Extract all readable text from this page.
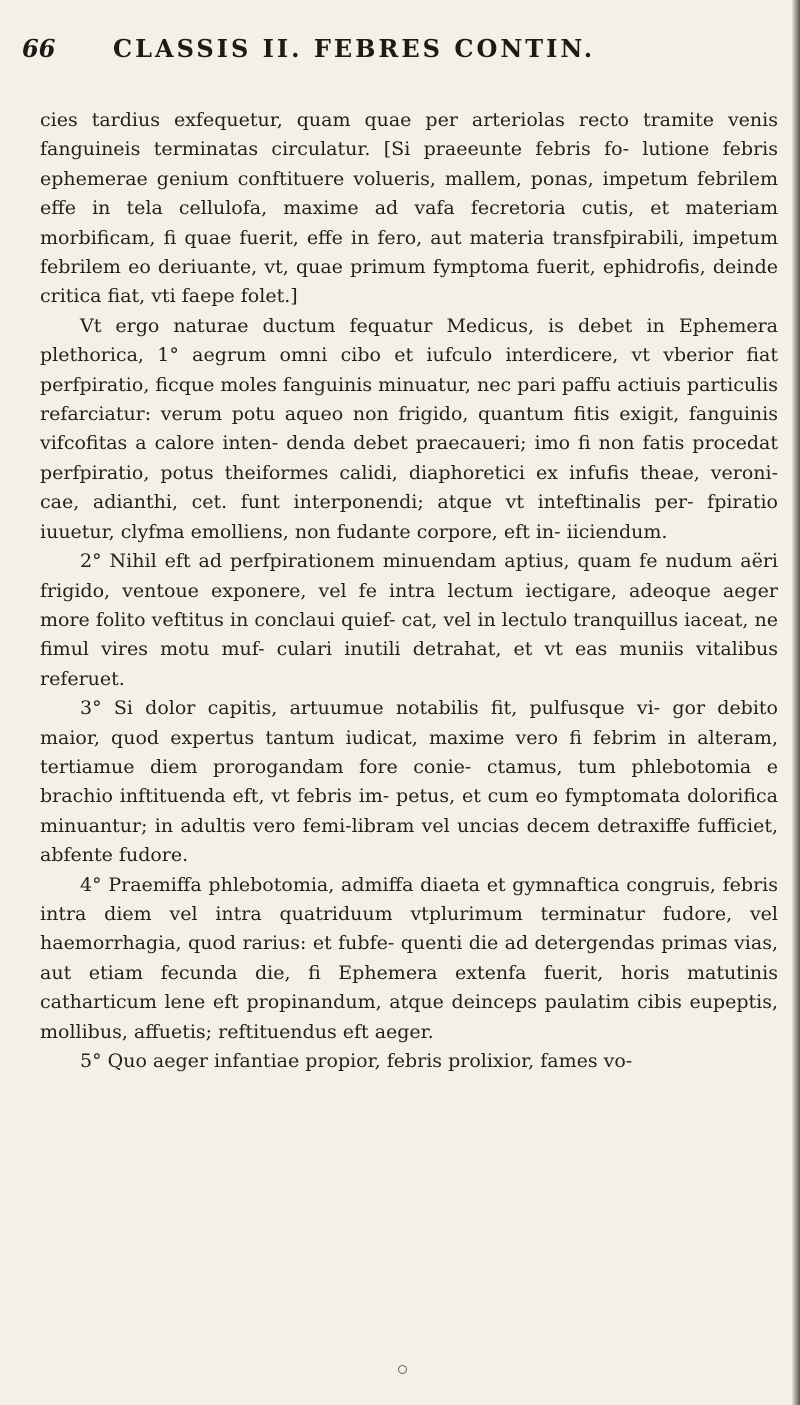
66 CLASSIS II. FEBRES CONTIN.

cies tardius exfequetur, quam quae per arteriolas recto tramite venis fanguineis terminatas circulatur. [Si praeeunte febris fo- lutione febris ephemerae genium conftituere volueris, mallem, ponas, impetum febrilem effe in tela cellulofa, maxime ad vafa fecretoria cutis, et materiam morbificam, fi quae fuerit, effe in fero, aut materia transfpirabili, impetum febrilem eo deriuante, vt, quae primum fymptoma fuerit, ephidrofis, deinde critica fiat, vti faepe folet.]

Vt ergo naturae ductum fequatur Medicus, is debet in Ephemera plethorica, 1° aegrum omni cibo et iufculo interdicere, vt vberior fiat perfpiratio, ficque moles fanguinis minuatur, nec pari paffu actiuis particulis refarciatur: verum potu aqueo non frigido, quantum fitis exigit, fanguinis vifcofitas a calore inten- denda debet praecaueri; imo fi non fatis procedat perfpiratio, potus theiformes calidi, diaphoretici ex infufis theae, veroni- cae, adianthi, cet. funt interponendi; atque vt inteftinalis per- fpiratio iuuetur, clyfma emolliens, non fudante corpore, eft in- iiciendum.

2° Nihil eft ad perfpirationem minuendam aptius, quam fe nudum aëri frigido, ventoue exponere, vel fe intra lectum iectigare, adeoque aeger more folito veftitus in conclaui quief- cat, vel in lectulo tranquillus iaceat, ne fimul vires motu muf- culari inutili detrahat, et vt eas muniis vitalibus referuet.

3° Si dolor capitis, artuumue notabilis fit, pulfusque vi- gor debito maior, quod expertus tantum iudicat, maxime vero fi febrim in alteram, tertiamue diem prorogandam fore conie- ctamus, tum phlebotomia e brachio inftituenda eft, vt febris im- petus, et cum eo fymptomata dolorifica minuantur; in adultis vero femi-libram vel uncias decem detraxiffe fufficiet, abfente fudore.

4° Praemiffa phlebotomia, admiffa diaeta et gymnaftica congruis, febris intra diem vel intra quatriduum vtplurimum terminatur fudore, vel haemorrhagia, quod rarius: et fubfe- quenti die ad detergendas primas vias, aut etiam fecunda die, fi Ephemera extenfa fuerit, horis matutinis catharticum lene eft propinandum, atque deinceps paulatim cibis eupeptis, mollibus, affuetis; reftituendus eft aeger.

5° Quo aeger infantiae propior, febris prolixior, fames vo-
